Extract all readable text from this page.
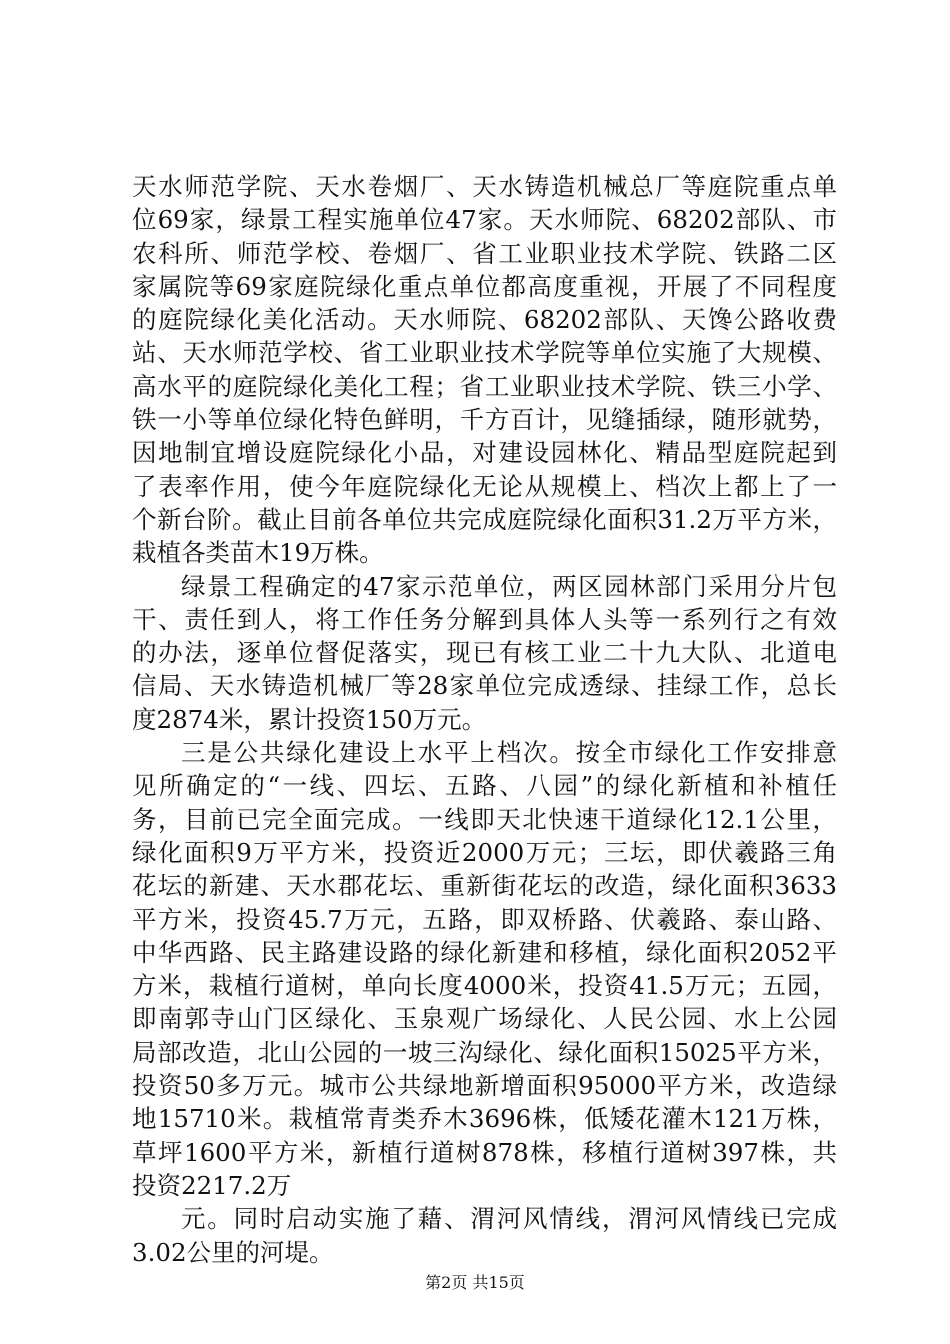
天水师范学院、天水卷烟厂、天水铸造机械总厂等庭院重点单
位69家，绿景工程实施单位47家。天水师院、68202部队、市
农科所、师范学校、卷烟厂、省工业职业技术学院、铁路二区
家属院等69家庭院绿化重点单位都高度重视，开展了不同程度
的庭院绿化美化活动。天水师院、68202部队、天馋公路收费
站、天水师范学校、省工业职业技术学院等单位实施了大规模、
高水平的庭院绿化美化工程；省工业职业技术学院、铁三小学、
铁一小等单位绿化特色鲜明，千方百计，见缝插绿，随形就势，
因地制宜增设庭院绿化小品，对建设园林化、精品型庭院起到
了表率作用，使今年庭院绿化无论从规模上、档次上都上了一
个新台阶。截止目前各单位共完成庭院绿化面积31.2万平方米，
栽植各类苗木19万株。
绿景工程确定的47家示范单位，两区园林部门采用分片包
干、责任到人，将工作任务分解到具体人头等一系列行之有效
的办法，逐单位督促落实，现已有核工业二十九大队、北道电
信局、天水铸造机械厂等28家单位完成透绿、挂绿工作，总长
度2874米，累计投资150万元。
三是公共绿化建设上水平上档次。按全市绿化工作安排意
见所确定的“一线、四坛、五路、八园”的绿化新植和补植任
务，目前已完全面完成。一线即天北快速干道绿化12.1公里，
绿化面积9万平方米，投资近2000万元；三坛，即伏羲路三角
花坛的新建、天水郡花坛、重新街花坛的改造，绿化面积3633
平方米，投资45.7万元，五路，即双桥路、伏羲路、泰山路、
中华西路、民主路建设路的绿化新建和移植，绿化面积2052平
方米，栽植行道树，单向长度4000米，投资41.5万元；五园，
即南郭寺山门区绿化、玉泉观广场绿化、人民公园、水上公园
局部改造，北山公园的一坡三沟绿化、绿化面积15025平方米，
投资50多万元。城市公共绿地新增面积95000平方米，改造绿
地15710米。栽植常青类乔木3696株，低矮花灌木121万株，
草坪1600平方米，新植行道树878株，移植行道树397株，共
投资2217.2万
元。同时启动实施了藉、渭河风情线，渭河风情线已完成
3.02公里的河堤。
第2页 共15页
